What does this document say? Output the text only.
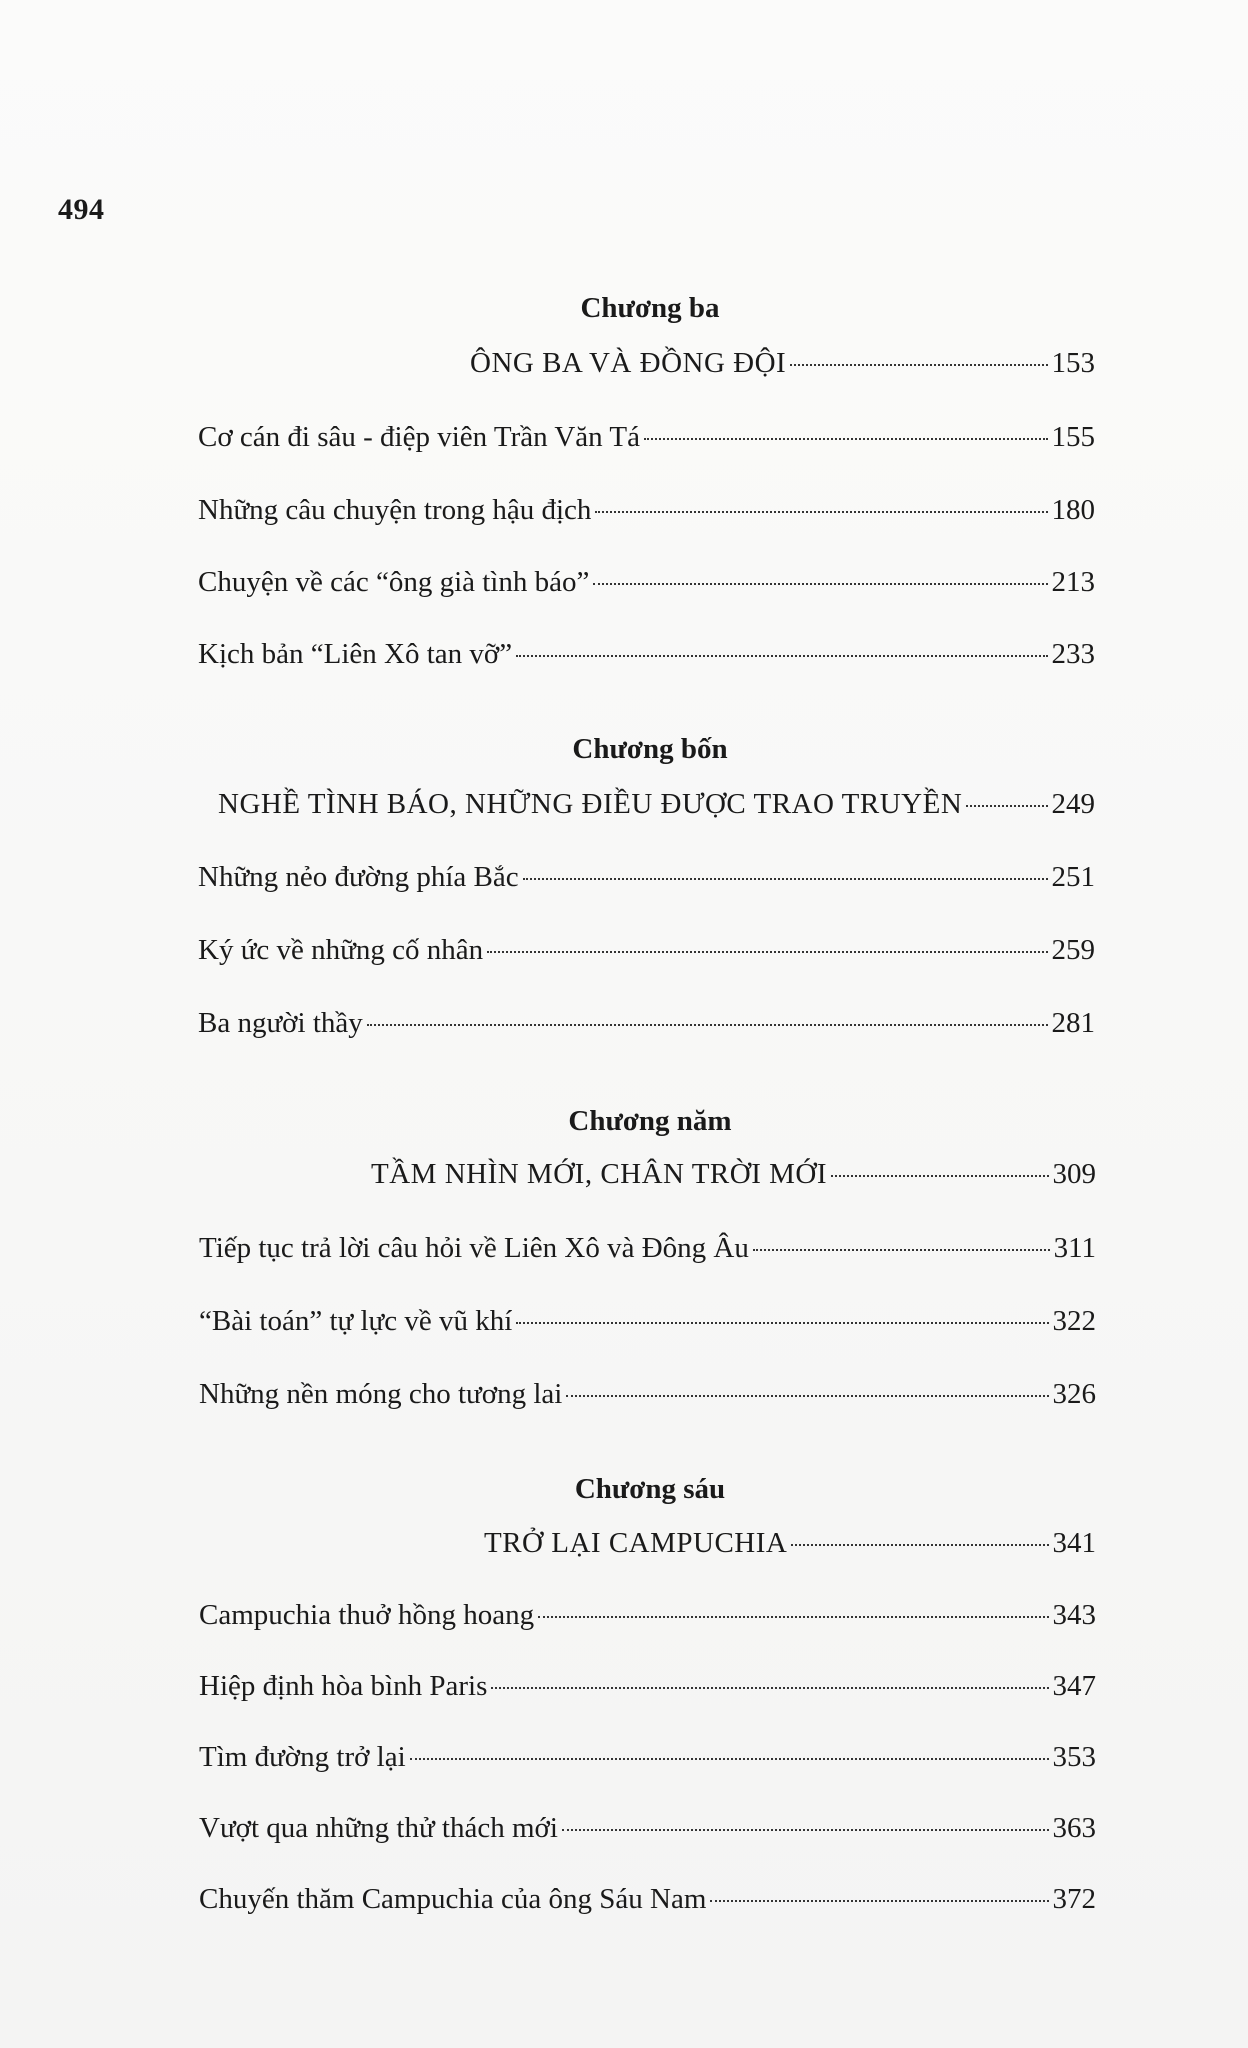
494
Chương ba
ÔNG BA VÀ ĐỒNG ĐỘI	153
Cơ cán đi sâu - điệp viên Trần Văn Tá	155
Những câu chuyện trong hậu địch	180
Chuyện về các “ông già tình báo”	213
Kịch bản “Liên Xô tan vỡ”	233
Chương bốn
NGHỀ TÌNH BÁO, NHỮNG ĐIỀU ĐƯỢC TRAO TRUYỀN	249
Những nẻo đường phía Bắc	251
Ký ức về những cố nhân	259
Ba người thầy	281
Chương năm
TẦM NHÌN MỚI, CHÂN TRỜI MỚI	309
Tiếp tục trả lời câu hỏi về Liên Xô và Đông Âu	311
“Bài toán” tự lực về vũ khí	322
Những nền móng cho tương lai	326
Chương sáu
TRỞ LẠI CAMPUCHIA	341
Campuchia thuở hồng hoang	343
Hiệp định hòa bình Paris	347
Tìm đường trở lại	353
Vượt qua những thử thách mới	363
Chuyến thăm Campuchia của ông Sáu Nam	372
